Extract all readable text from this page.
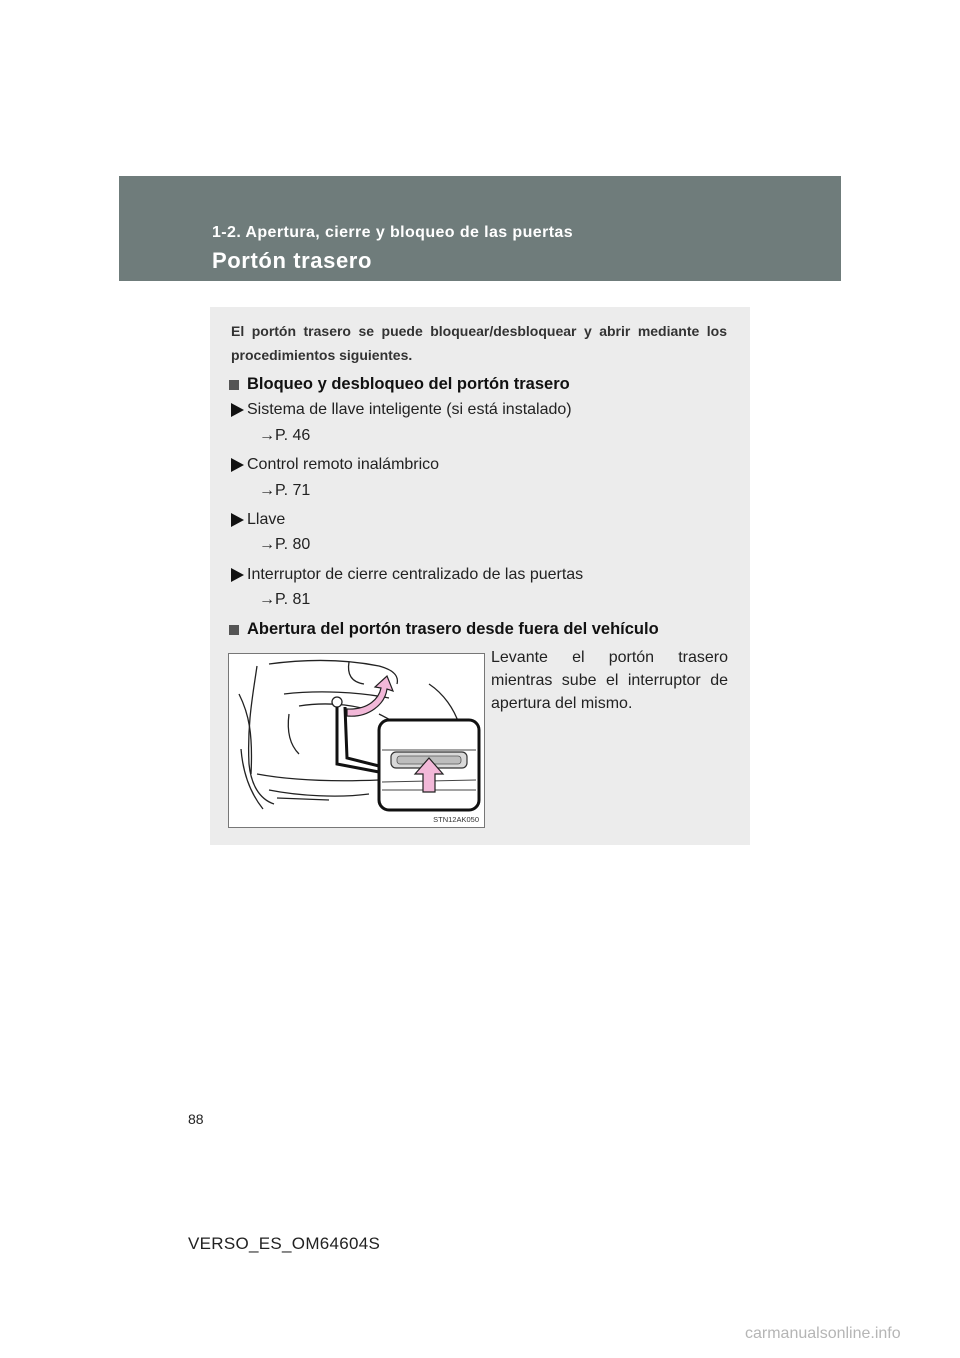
1-2. Apertura, cierre y bloqueo de las puertas
Portón trasero
El portón trasero se puede bloquear/desbloquear y abrir mediante los procedimientos siguientes.
Bloqueo y desbloqueo del portón trasero
Sistema de llave inteligente (si está instalado)
→P. 46
Control remoto inalámbrico
→P. 71
Llave
→P. 80
Interruptor de cierre centralizado de las puertas
→P. 81
Abertura del portón trasero desde fuera del vehículo
STN12AK050
Levante el portón trasero mientras sube el interruptor de apertura del mismo.
88
VERSO_ES_OM64604S
carmanualsonline.info
